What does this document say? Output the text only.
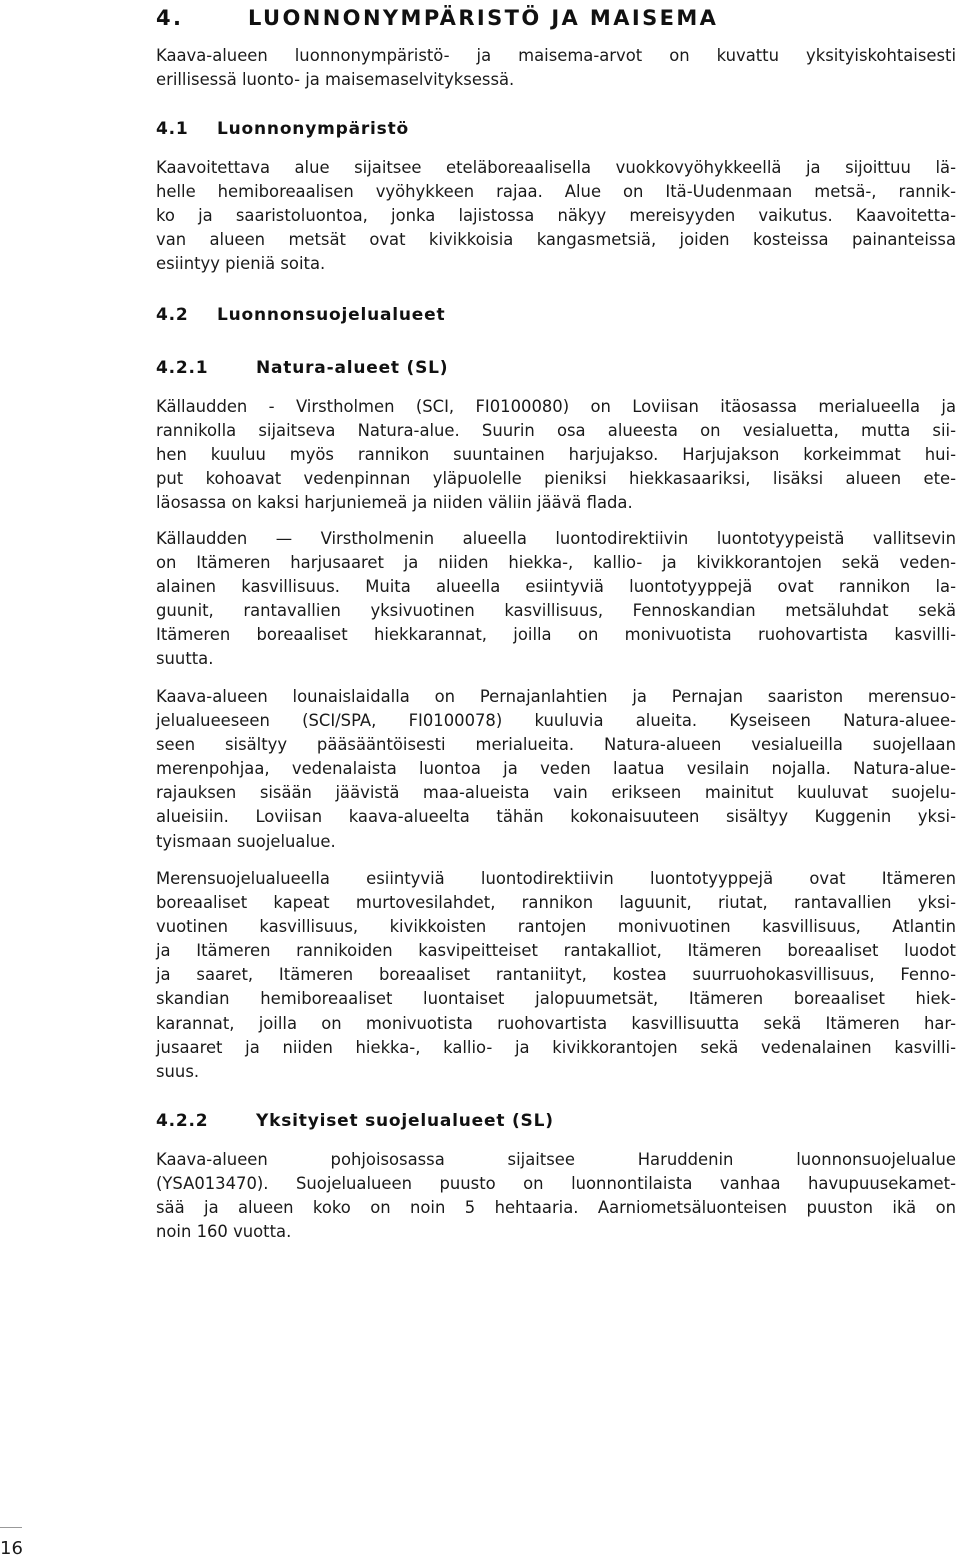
4.	LUONNONYMPÄRISTÖ JA MAISEMA
Kaava-alueen luonnonympäristö- ja maisema-arvot on kuvattu yksityiskohtaisesti
erillisessä luonto- ja maisemaselvityksessä.
4.1 Luonnonympäristö
Kaavoitettava alue sijaitsee eteläboreaalisella vuokkovyöhykkeellä ja sijoittuu lä-
helle hemiboreaalisen vyöhykkeen rajaa. Alue on Itä-Uudenmaan metsä-, rannik-
ko ja saaristoluontoa, jonka lajistossa näkyy mereisyyden vaikutus. Kaavoitetta-
van alueen metsät ovat kivikkoisia kangasmetsiä, joiden kosteissa painanteissa
esiintyy pieniä soita.
4.2 Luonnonsuojelualueet
4.2.1	Natura-alueet (SL)
Källaudden - Virstholmen (SCI, FI0100080) on Loviisan itäosassa merialueella ja
rannikolla sijaitseva Natura-alue. Suurin osa alueesta on vesialuetta, mutta sii-
hen kuuluu myös rannikon suuntainen harjujakso. Harjujakson korkeimmat hui-
put kohoavat vedenpinnan yläpuolelle pieniksi hiekkasaariksi, lisäksi alueen ete-
läosassa on kaksi harjuniemeä ja niiden väliin jäävä flada.
Källaudden — Virstholmenin alueella luontodirektiivin luontotyypeistä vallitsevin
on Itämeren harjusaaret ja niiden hiekka-, kallio- ja kivikkorantojen sekä veden-
alainen kasvillisuus. Muita alueella esiintyviä luontotyyppejä ovat rannikon la-
guunit, rantavallien yksivuotinen kasvillisuus, Fennoskandian metsäluhdat sekä
Itämeren boreaaliset hiekkarannat, joilla on monivuotista ruohovartista kasvilli-
suutta.
Kaava-alueen lounaislaidalla on Pernajanlahtien ja Pernajan saariston merensuo-
jelualueeseen (SCI/SPA, FI0100078) kuuluvia alueita. Kyseiseen Natura-aluee-
seen sisältyy pääsääntöisesti merialueita. Natura-alueen vesialueilla suojellaan
merenpohjaa, vedenalaista luontoa ja veden laatua vesilain nojalla. Natura-alue-
rajauksen sisään jäävistä maa-alueista vain erikseen mainitut kuuluvat suojelu-
alueisiin. Loviisan kaava-alueelta tähän kokonaisuuteen sisältyy Kuggenin yksi-
tyismaan suojelualue.
Merensuojelualueella esiintyviä luontodirektiivin luontotyyppejä ovat Itämeren
boreaaliset kapeat murtovesilahdet, rannikon laguunit, riutat, rantavallien yksi-
vuotinen kasvillisuus, kivikkoisten rantojen monivuotinen kasvillisuus, Atlantin
ja Itämeren rannikoiden kasvipeitteiset rantakalliot, Itämeren boreaaliset luodot
ja saaret, Itämeren boreaaliset rantaniityt, kostea suurruohokasvillisuus, Fenno-
skandian hemiboreaaliset luontaiset jalopuumetsät, Itämeren boreaaliset hiek-
karannat, joilla on monivuotista ruohovartista kasvillisuutta sekä Itämeren har-
jusaaret ja niiden hiekka-, kallio- ja kivikkorantojen sekä vedenalainen kasvilli-
suus.
4.2.2	Yksityiset suojelualueet (SL)
Kaava-alueen pohjoisosassa sijaitsee Haruddenin luonnonsuojelualue
(YSA013470). Suojelualueen puusto on luonnontilaista vanhaa havupuusekamet-
sää ja alueen koko on noin 5 hehtaaria. Aarniometsäluonteisen puuston ikä on
noin 160 vuotta.
16
